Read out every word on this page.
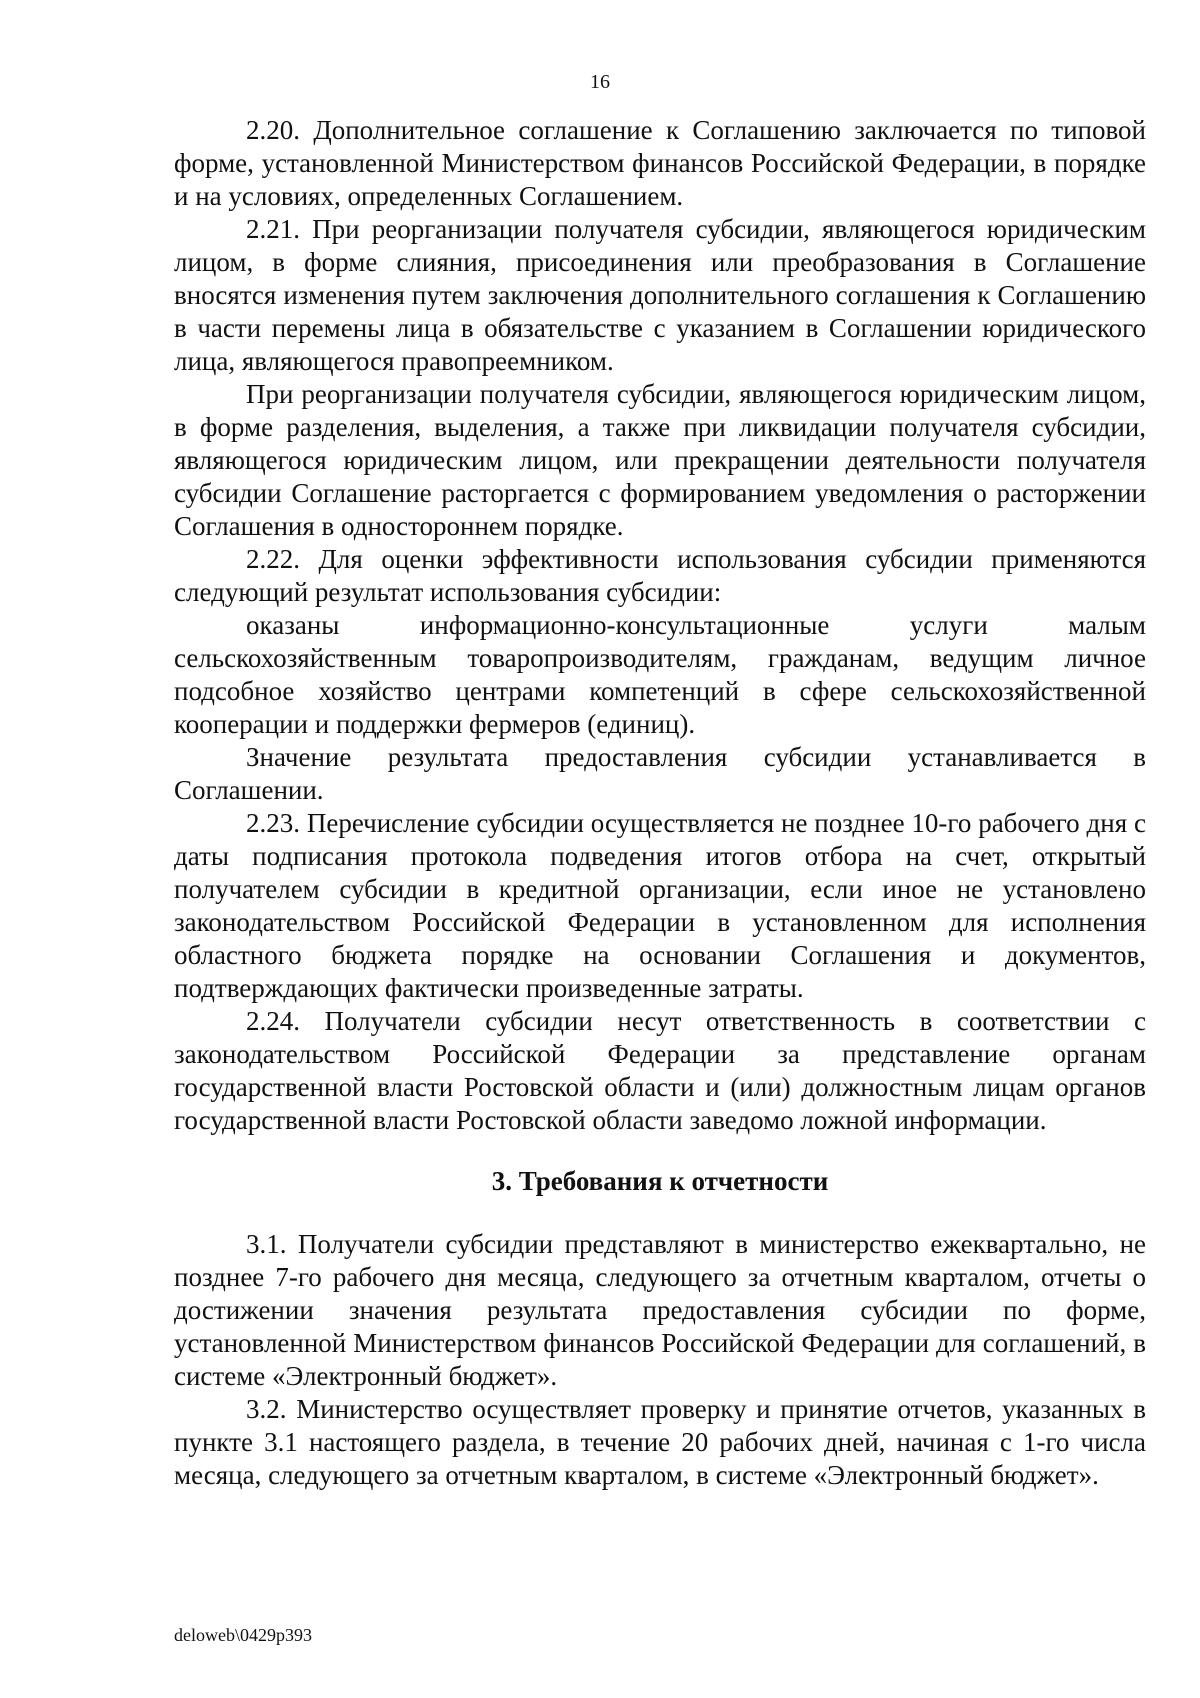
16

2.20. Дополнительное соглашение к Соглашению заключается по типовой форме, установленной Министерством финансов Российской Федерации, в порядке и на условиях, определенных Соглашением.

2.21. При реорганизации получателя субсидии, являющегося юридическим лицом, в форме слияния, присоединения или преобразования в Соглашение вносятся изменения путем заключения дополнительного соглашения к Соглашению в части перемены лица в обязательстве с указанием в Соглашении юридического лица, являющегося правопреемником.

При реорганизации получателя субсидии, являющегося юридическим лицом, в форме разделения, выделения, а также при ликвидации получателя субсидии, являющегося юридическим лицом, или прекращении деятельности получателя субсидии Соглашение расторгается с формированием уведомления о расторжении Соглашения в одностороннем порядке.

2.22. Для оценки эффективности использования субсидии применяются следующий результат использования субсидии:

оказаны информационно-консультационные услуги малым сельскохозяйственным товаропроизводителям, гражданам, ведущим личное подсобное хозяйство центрами компетенций в сфере сельскохозяйственной кооперации и поддержки фермеров (единиц).

Значение результата предоставления субсидии устанавливается в Соглашении.

2.23. Перечисление субсидии осуществляется не позднее 10-го рабочего дня с даты подписания протокола подведения итогов отбора на счет, открытый получателем субсидии в кредитной организации, если иное не установлено законодательством Российской Федерации в установленном для исполнения областного бюджета порядке на основании Соглашения и документов, подтверждающих фактически произведенные затраты.

2.24. Получатели субсидии несут ответственность в соответствии с законодательством Российской Федерации за представление органам государственной власти Ростовской области и (или) должностным лицам органов государственной власти Ростовской области заведомо ложной информации.

3. Требования к отчетности

3.1. Получатели субсидии представляют в министерство ежеквартально, не позднее 7-го рабочего дня месяца, следующего за отчетным кварталом, отчеты о достижении значения результата предоставления субсидии по форме, установленной Министерством финансов Российской Федерации для соглашений, в системе «Электронный бюджет».

3.2. Министерство осуществляет проверку и принятие отчетов, указанных в пункте 3.1 настоящего раздела, в течение 20 рабочих дней, начиная с 1-го числа месяца, следующего за отчетным кварталом, в системе «Электронный бюджет».

deloweb\0429p393
